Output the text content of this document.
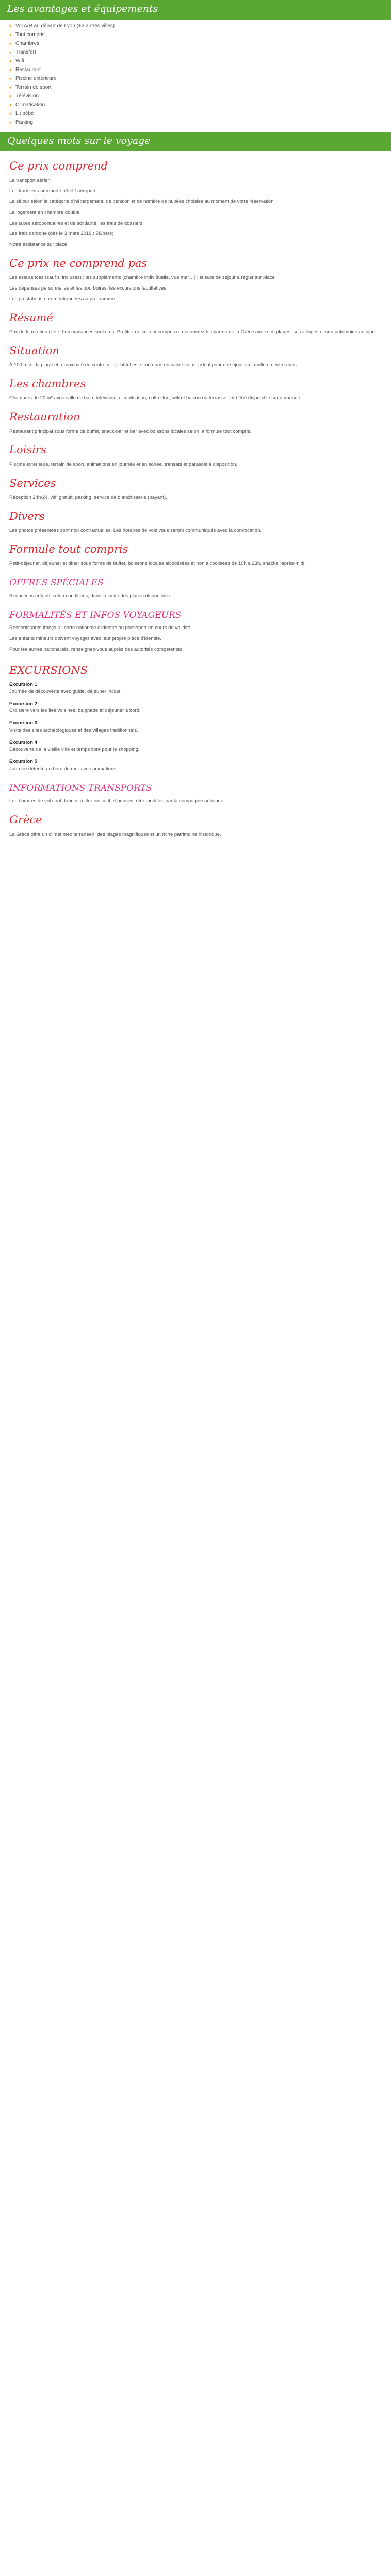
Les avantages et équipements
• Vol A/R au départ de Lyon (+2 autres villes)
• Tout compris
• Chambres
• Transfert
• Wifi
• Restaurant
• Piscine extérieure
• Terrain de sport
• Télévision
• Climatisation
• Lit bébé
• Parking
Quelques mots sur le voyage
Ce prix comprend

Le transport aérien

Les transferts aéroport / hôtel / aéroport

Le séjour selon la catégorie d'hébergement, de pension et de nombre de nuitées choisies au moment de votre réservation

Le logement en chambre double

Les taxes aéroportuaires et de solidarité, les frais de dossiers

Les frais carbone (dès le 3 mars 2019 : 5€/pers)

Notre assistance sur place

Ce prix ne comprend pas

Les assurances (sauf si incluses) ; les suppléments (chambre individuelle, vue mer…) ; la taxe de séjour à régler sur place

Les dépenses personnelles et les pourboires, les excursions facultatives

Les prestations non mentionnées au programme

Résumé

Prix de la rotation d'été, hors vacances scolaires. Profitez de ce tout compris et découvrez le charme de la Grèce avec ses plages, ses villages et son patrimoine antique.

Situation

À 100 m de la plage et à proximité du centre-ville, l'hôtel est situé dans un cadre calme, idéal pour un séjour en famille ou entre amis.

Les chambres

Chambres de 20 m² avec salle de bain, télévision, climatisation, coffre-fort, wifi et balcon ou terrasse. Lit bébé disponible sur demande.

Restauration

Restaurant principal sous forme de buffet, snack-bar et bar avec boissons locales selon la formule tout compris.

Loisirs

Piscine extérieure, terrain de sport, animations en journée et en soirée, transats et parasols à disposition.

Services

Réception 24h/24, wifi gratuit, parking, service de blanchisserie (payant).

Divers

Les photos présentées sont non contractuelles. Les horaires de vols vous seront communiqués avec la convocation.

Formule tout compris

Petit-déjeuner, déjeuner et dîner sous forme de buffet, boissons locales alcoolisées et non alcoolisées de 10h à 23h, snacks l'après-midi.

OFFRES SPÉCIALES

Réductions enfants selon conditions, dans la limite des places disponibles.

FORMALITÉS ET INFOS VOYAGEURS

Ressortissants français : carte nationale d'identité ou passeport en cours de validité.

Les enfants mineurs doivent voyager avec leur propre pièce d'identité.

Pour les autres nationalités, renseignez-vous auprès des autorités compétentes.

EXCURSIONS
Excursion 1
Journée de découverte avec guide, déjeuner inclus.
Excursion 2
Croisière vers les îles voisines, baignade et déjeuner à bord.
Excursion 3
Visite des sites archéologiques et des villages traditionnels.
Excursion 4
Découverte de la vieille ville et temps libre pour le shopping.
Excursion 5
Journée détente en bord de mer avec animations.
INFORMATIONS TRANSPORTS

Les horaires de vol sont donnés à titre indicatif et peuvent être modifiés par la compagnie aérienne.

Grèce

La Grèce offre un climat méditerranéen, des plages magnifiques et un riche patrimoine historique.
